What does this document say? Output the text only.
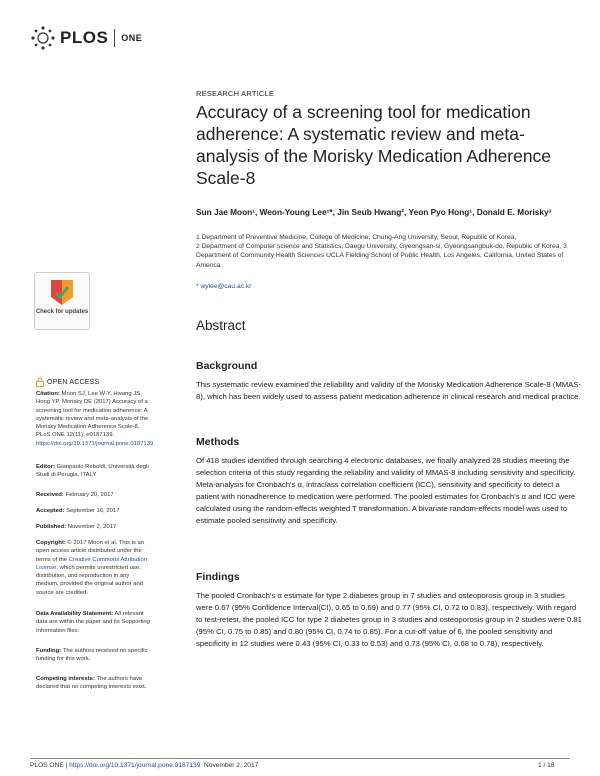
PLOS ONE
RESEARCH ARTICLE
Accuracy of a screening tool for medication adherence: A systematic review and meta-analysis of the Morisky Medication Adherence Scale-8
Sun Jae Moon¹, Weon-Young Lee¹*, Jin Seub Hwang², Yeon Pyo Hong¹, Donald E. Morisky³
1 Department of Preventive Medicine, College of Medicine, Chung-Ang University, Seoul, Republic of Korea,
2 Department of Computer science and Statistics, Daegu University, Gyeongsan-si, Gyeongsangbuk-do, Republic of Korea, 3 Department of Community Health Sciences UCLA Fielding School of Public Health, Los Angeles, California, United States of America
* wylee@cau.ac.kr
Abstract
Background

This systematic review examined the reliability and validity of the Morisky Medication Adherence Scale-8 (MMAS-8), which has been widely used to assess patient medication adherence in clinical research and medical practice.

Methods

Of 418 studies identified through searching 4 electronic databases, we finally analyzed 28 studies meeting the selection criteria of this study regarding the reliability and validity of MMAS-8 including sensitivity and specificity. Meta-analysis for Cronbach's α, intraclass correlation coefficient (ICC), sensitivity and specificity to detect a patient with nonadherence to medication were performed. The pooled estimates for Cronbach's α and ICC were calculated using the random-effects weighted T transformation. A bivariate random-effects model was used to estimate pooled sensitivity and specificity.

Findings

The pooled Cronbach's α estimate for type 2 diabetes group in 7 studies and osteoporosis group in 3 studies were 0.67 (95% Confidence Interval(CI), 0.65 to 0.69) and 0.77 (95% CI, 0.72 to 0.83), respectively. With regard to test-retest, the pooled ICC for type 2 diabetes group in 3 studies and osteoporosis group in 2 studies were 0.81 (95% CI, 0.75 to 0.85) and 0.80 (95% CI, 0.74 to 0.85). For a cut-off value of 6, the pooled sensitivity and specificity in 12 studies were 0.43 (95% CI, 0.33 to 0.53) and 0.73 (95% CI, 0.68 to 0.78), respectively.

Check for updates
OPEN ACCESS

Citation: Moon SJ, Lee W-Y, Hwang JS, Hong YP, Morisky DE (2017) Accuracy of a screening tool for medication adherence: A systematic review and meta-analysis of the Morisky Medication Adherence Scale-8. PLoS ONE 12(11): e0187139. https://doi.org/10.1371/journal.pone.0187139

Editor: Gianpaolo Reboldi, Università degli Studi di Perugia, ITALY

Received: February 20, 2017

Accepted: September 16, 2017

Published: November 2, 2017

Copyright: © 2017 Moon et al. This is an open access article distributed under the terms of the Creative Commons Attribution License, which permits unrestricted use, distribution, and reproduction in any medium, provided the original author and source are credited.

Data Availability Statement: All relevant data are within the paper and its Supporting Information files.

Funding: The authors received no specific funding for this work.

Competing interests: The authors have declared that no competing interests exist.

PLOS ONE | https://doi.org/10.1371/journal.pone.0187139 November 2, 2017	1 / 18
